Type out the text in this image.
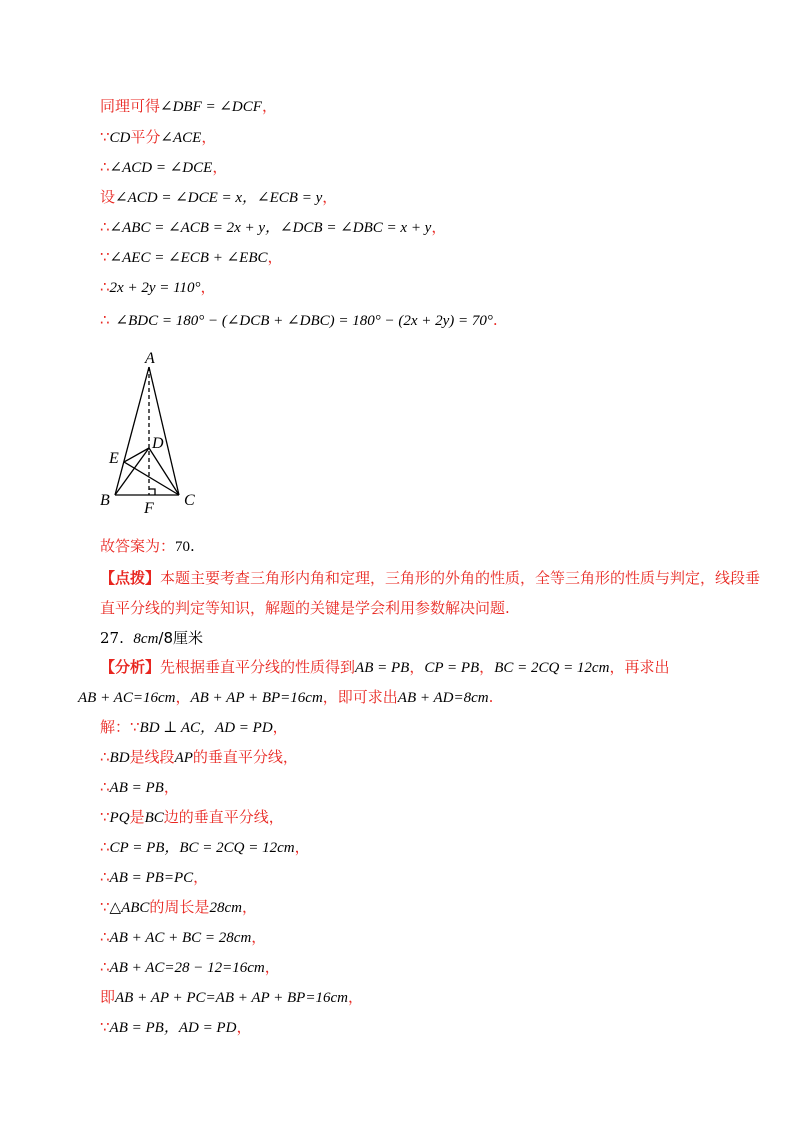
同理可得∠DBF = ∠DCF，
∵CD平分∠ACE，
∴∠ACD = ∠DCE，
设∠ACD = ∠DCE = x，∠ECB = y，
∴∠ABC = ∠ACB = 2x + y，∠DCB = ∠DBC = x + y，
∵∠AEC = ∠ECB + ∠EBC，
∴2x + 2y = 110°，
∴ ∠BDC = 180° − (∠DCB + ∠DBC) = 180° − (2x + 2y) = 70°.
A
D
E
B F C
故答案为：70.
【点拨】本题主要考查三角形内角和定理，三角形的外角的性质，全等三角形的性质与判定，线段垂
直平分线的判定等知识，解题的关键是学会利用参数解决问题.
27. 8cm/8厘米
【分析】先根据垂直平分线的性质得到AB = PB，CP = PB，BC = 2CQ = 12cm，再求出
AB + AC=16cm，AB + AP + BP=16cm，即可求出AB + AD=8cm.
解：∵BD ⊥ AC，AD = PD，
∴BD是线段AP的垂直平分线，
∴AB = PB，
∵PQ是BC边的垂直平分线，
∴CP = PB，BC = 2CQ = 12cm，
∴AB = PB=PC，
∵△ABC的周长是28cm，
∴AB + AC + BC = 28cm，
∴AB + AC=28 − 12=16cm，
即AB + AP + PC=AB + AP + BP=16cm，
∵AB = PB，AD = PD，
